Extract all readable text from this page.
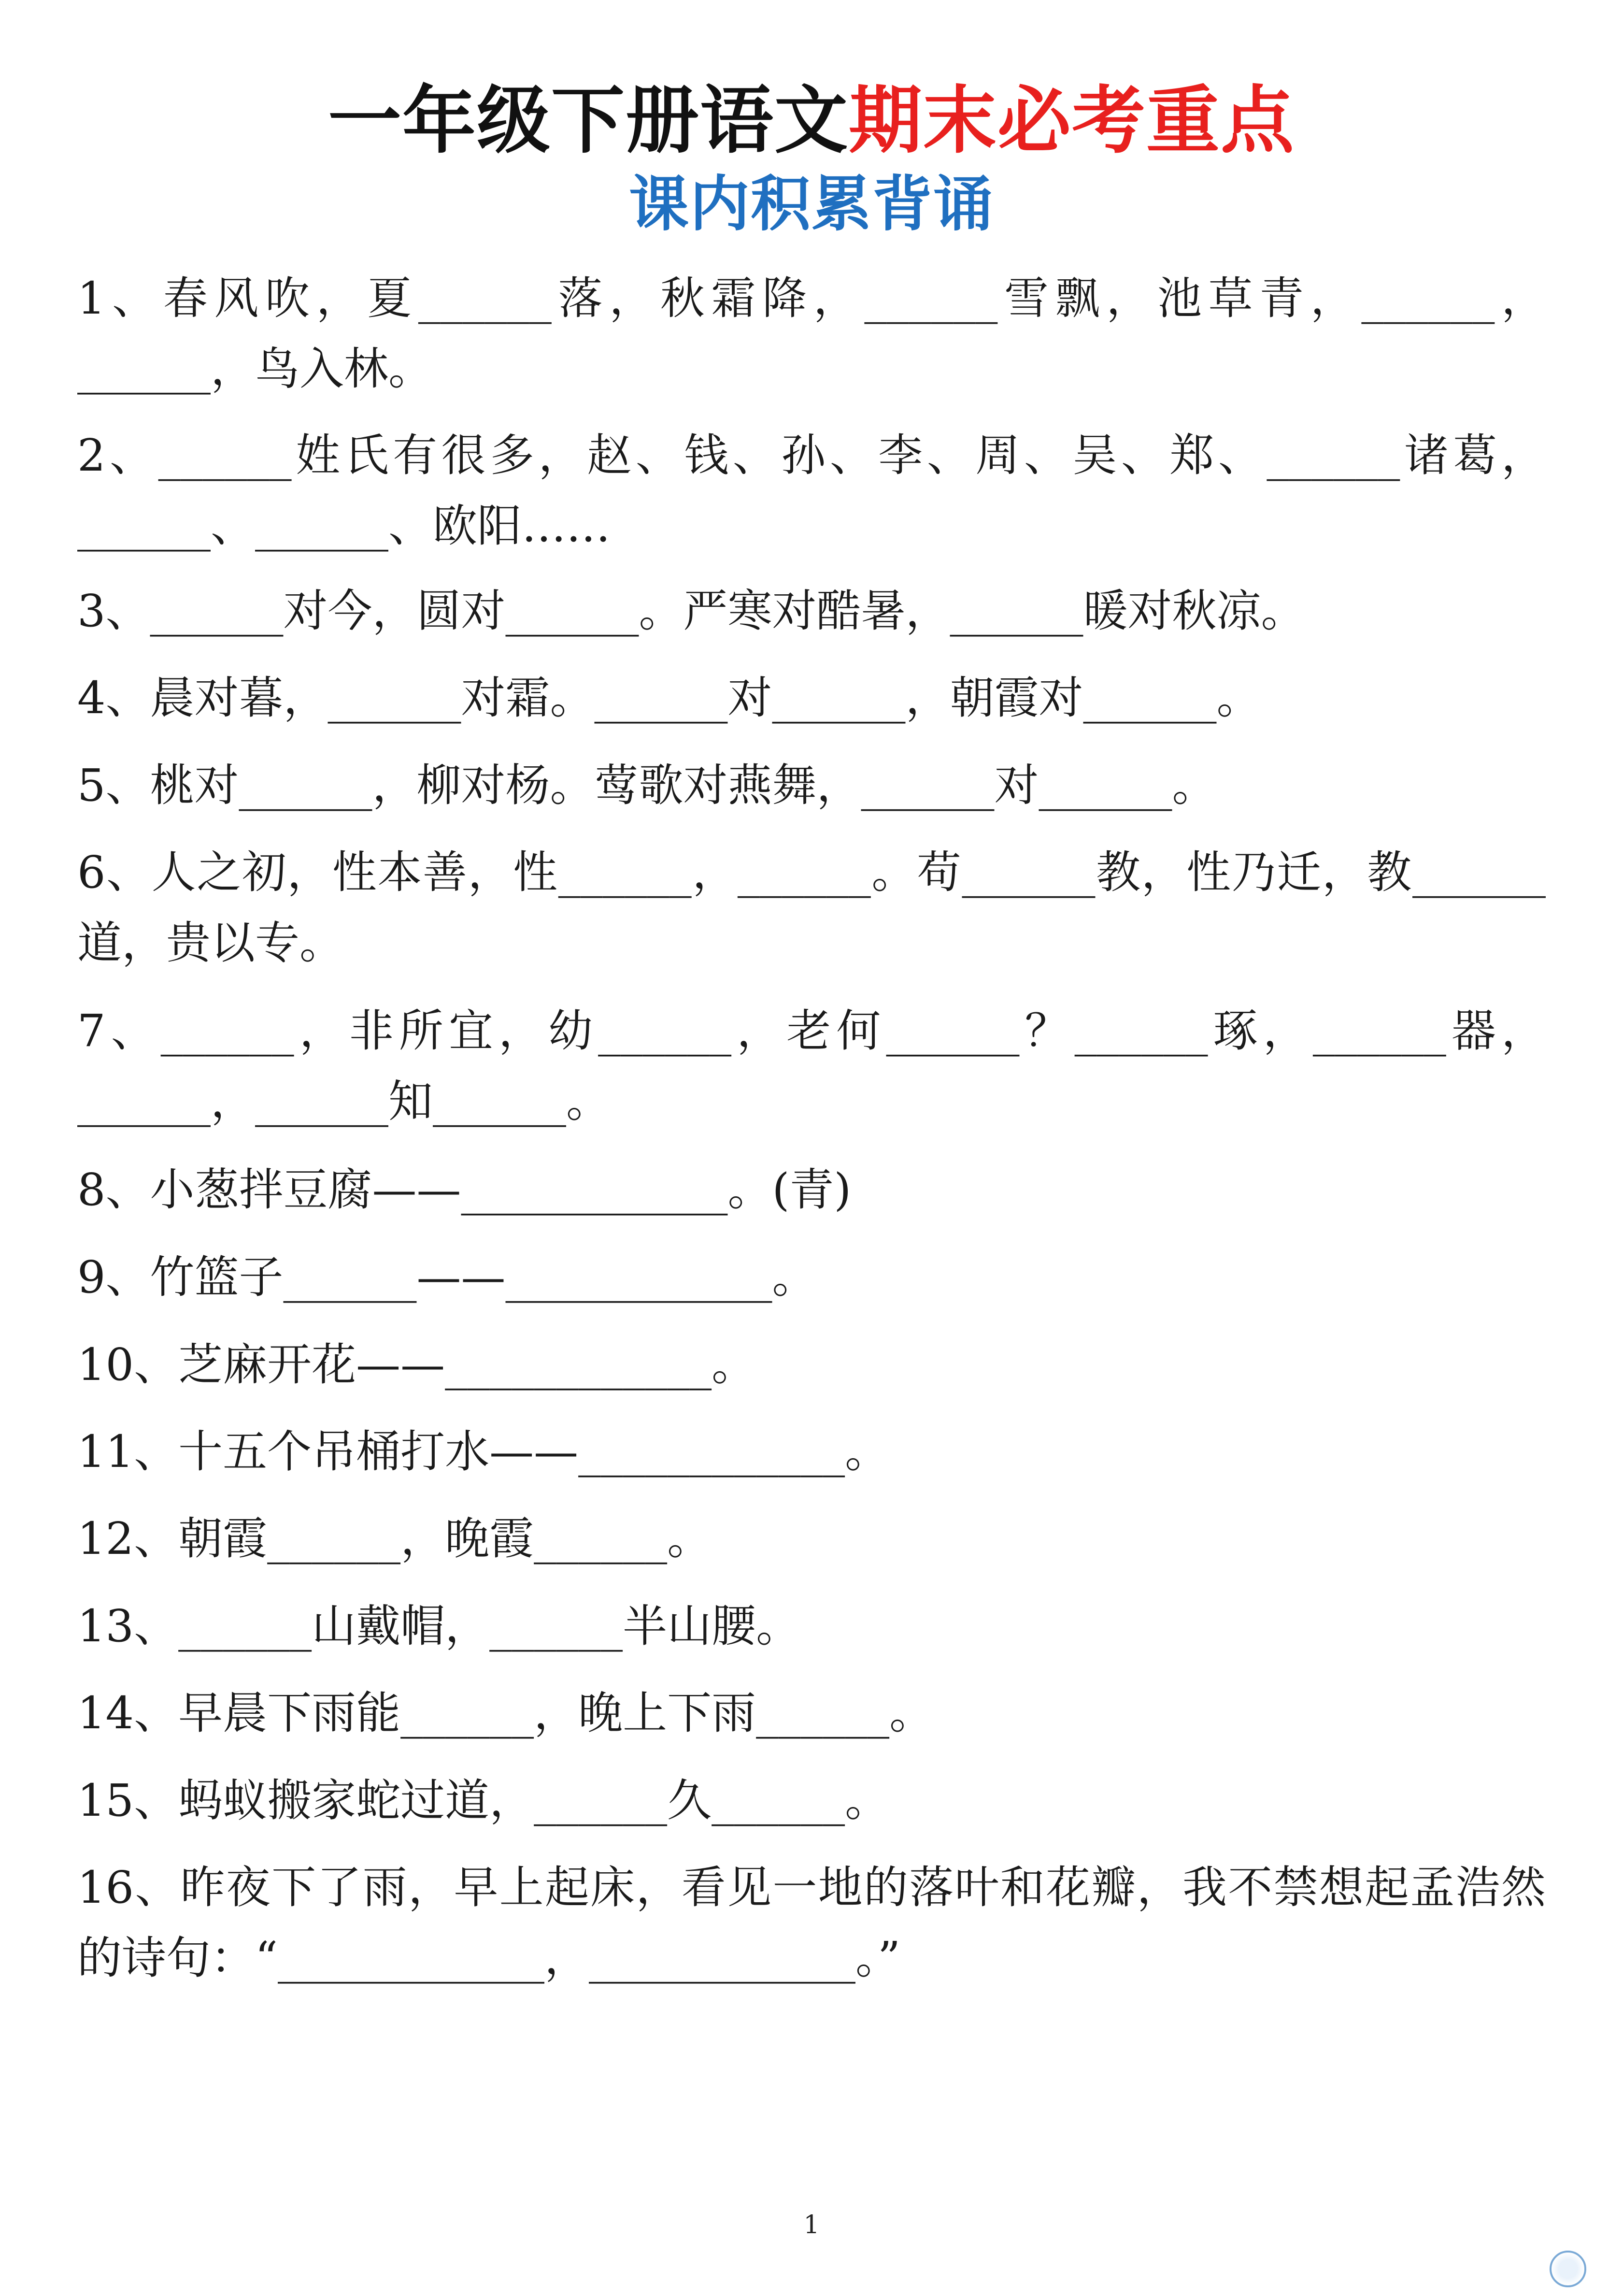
一年级下册语文期末必考重点
课内积累背诵

1、春风吹，夏______落，秋霜降，______雪飘，池草青，______，______，鸟入林。

2、______姓氏有很多，赵、钱、孙、李、周、吴、郑、______诸葛，______、______、欧阳……

3、______对今，圆对______。严寒对酷暑，______暖对秋凉。

4、晨对暮，______对霜。______对______，朝霞对______。

5、桃对______，柳对杨。莺歌对燕舞，______对______。

6、人之初，性本善，性______，______。苟______教，性乃迁，教______道，贵以专。

7、______，非所宜，幼______，老何______？______琢，______器，______，______知______。

8、小葱拌豆腐——____________。(青)

9、竹篮子______——____________。

10、芝麻开花——____________。

11、十五个吊桶打水——____________。

12、朝霞______，晚霞______。

13、______山戴帽，______半山腰。

14、早晨下雨能______，晚上下雨______。

15、蚂蚁搬家蛇过道，______久______。

16、昨夜下了雨，早上起床，看见一地的落叶和花瓣，我不禁想起孟浩然的诗句：“____________，____________。”

1
